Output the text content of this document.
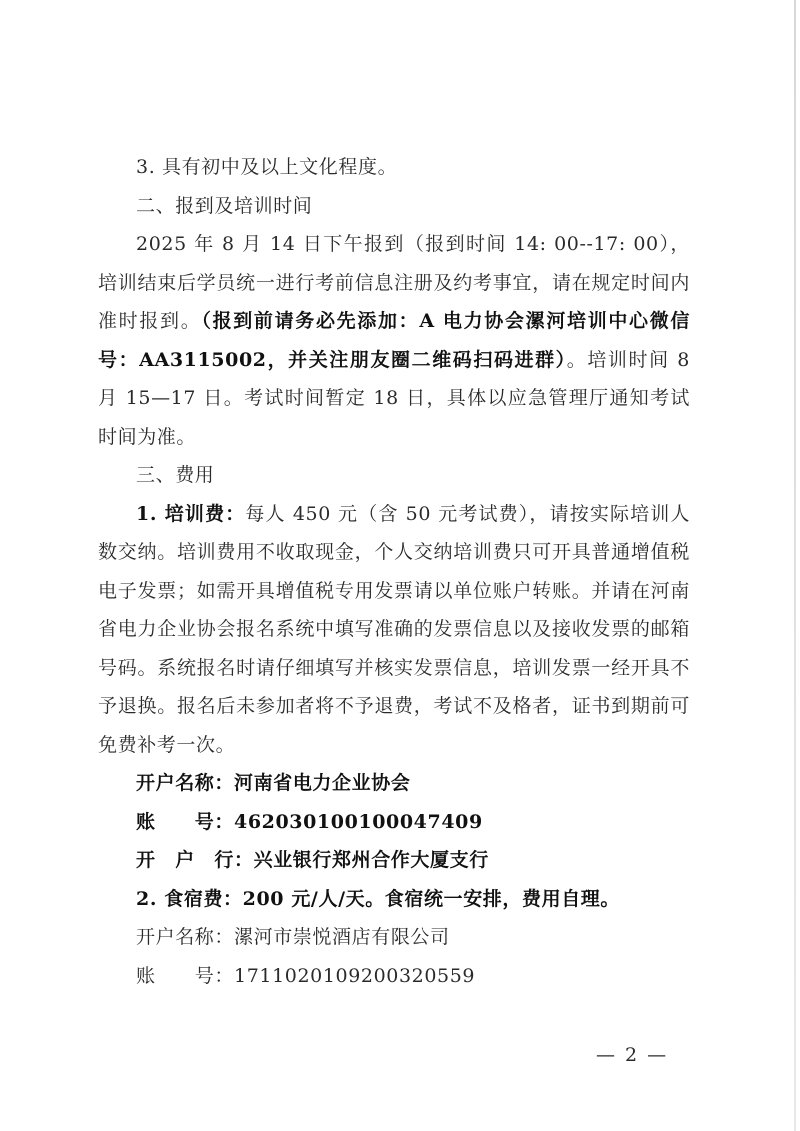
3. 具有初中及以上文化程度。

二、报到及培训时间

2025 年 8 月 14 日下午报到（报到时间 14: 00--17: 00），培训结束后学员统一进行考前信息注册及约考事宜，请在规定时间内准时报到。（报到前请务必先添加：A 电力协会漯河培训中心微信号：AA3115002，并关注朋友圈二维码扫码进群）。培训时间 8 月 15—17 日。考试时间暂定 18 日，具体以应急管理厅通知考试时间为准。

三、费用

1. 培训费：每人 450 元（含 50 元考试费），请按实际培训人数交纳。培训费用不收取现金，个人交纳培训费只可开具普通增值税电子发票；如需开具增值税专用发票请以单位账户转账。并请在河南省电力企业协会报名系统中填写准确的发票信息以及接收发票的邮箱号码。系统报名时请仔细填写并核实发票信息，培训发票一经开具不予退换。报名后未参加者将不予退费，考试不及格者，证书到期前可免费补考一次。

开户名称：河南省电力企业协会

账　　号：462030100100047409

开　户　行：兴业银行郑州合作大厦支行

2. 食宿费：200 元/人/天。食宿统一安排，费用自理。

开户名称：漯河市崇悦酒店有限公司

账　　号：1711020109200320559

— 2 —
